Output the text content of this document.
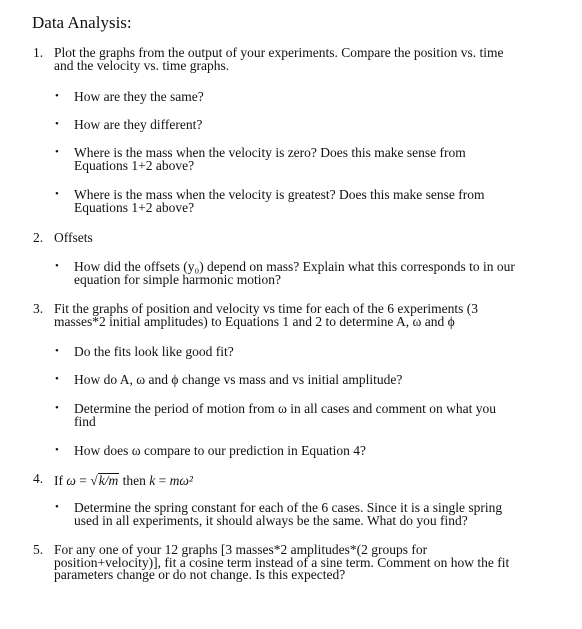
Data Analysis:
1. Plot the graphs from the output of your experiments. Compare the position vs. time
and the velocity vs. time graphs.
• How are they the same?
• How are they different?
• Where is the mass when the velocity is zero? Does this make sense from
Equations 1+2 above?
• Where is the mass when the velocity is greatest? Does this make sense from
Equations 1+2 above?
2. Offsets
• How did the offsets (y₀) depend on mass? Explain what this corresponds to in our
equation for simple harmonic motion?
3. Fit the graphs of position and velocity vs time for each of the 6 experiments (3
masses*2 initial amplitudes) to Equations 1 and 2 to determine A, ω and ϕ
• Do the fits look like good fit?
• How do A, ω and ϕ change vs mass and vs initial amplitude?
• Determine the period of motion from ω in all cases and comment on what you
find
• How does ω compare to our prediction in Equation 4?
4. If ω = √k/m then k = mω²
• Determine the spring constant for each of the 6 cases. Since it is a single spring
used in all experiments, it should always be the same. What do you find?
5. For any one of your 12 graphs [3 masses*2 amplitudes*(2 groups for
position+velocity)], fit a cosine term instead of a sine term. Comment on how the fit
parameters change or do not change. Is this expected?
